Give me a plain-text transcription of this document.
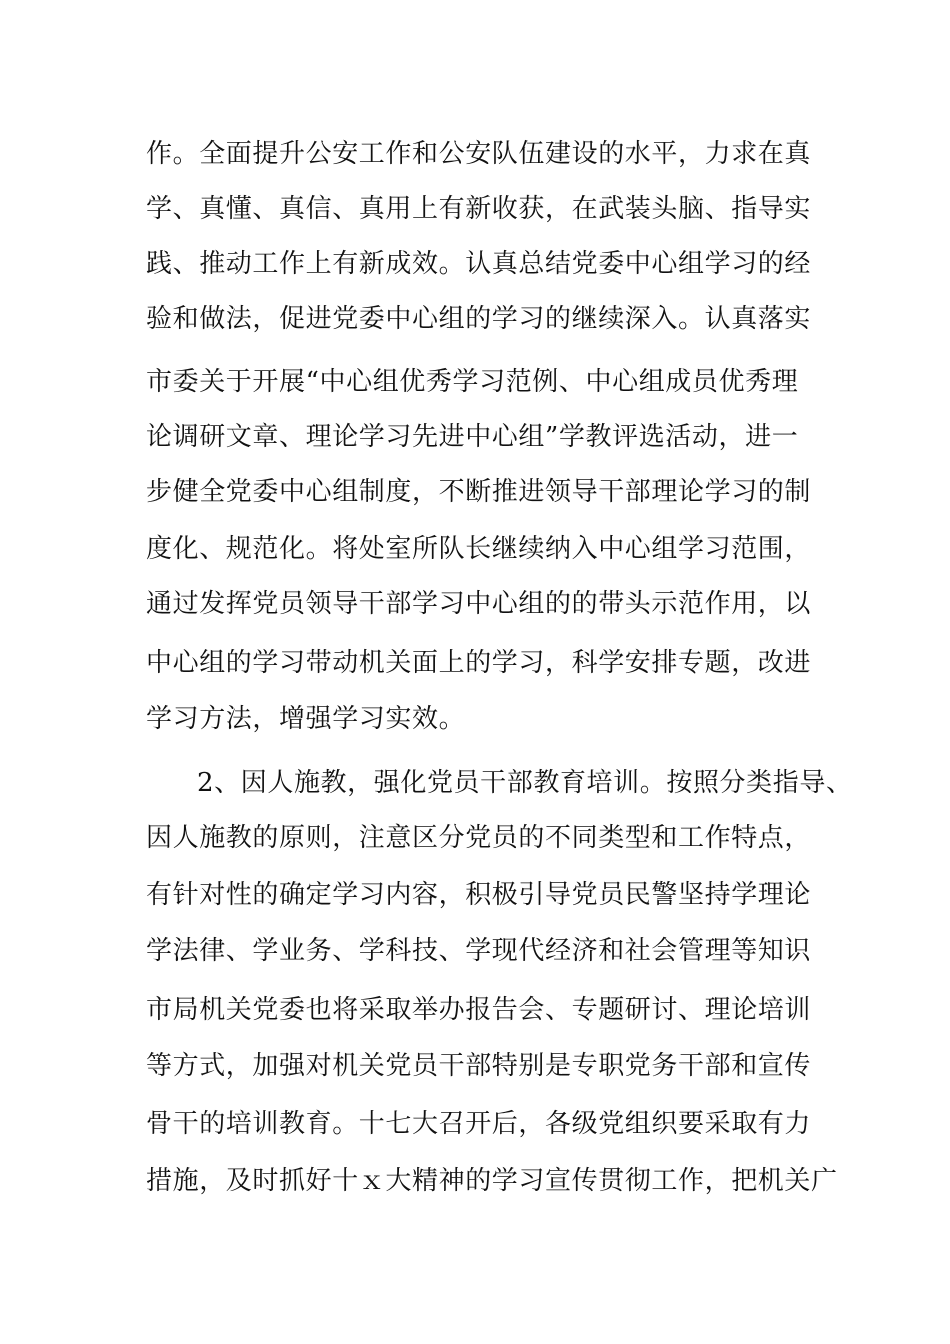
作。全面提升公安工作和公安队伍建设的水平，力求在真
学、真懂、真信、真用上有新收获，在武装头脑、指导实
践、推动工作上有新成效。认真总结党委中心组学习的经
验和做法，促进党委中心组的学习的继续深入。认真落实
市委关于开展“中心组优秀学习范例、中心组成员优秀理
论调研文章、理论学习先进中心组”学教评选活动，进一
步健全党委中心组制度，不断推进领导干部理论学习的制
度化、规范化。将处室所队长继续纳入中心组学习范围，
通过发挥党员领导干部学习中心组的的带头示范作用，以
中心组的学习带动机关面上的学习，科学安排专题，改进
学习方法，增强学习实效。
2、因人施教，强化党员干部教育培训。按照分类指导、
因人施教的原则，注意区分党员的不同类型和工作特点，
有针对性的确定学习内容，积极引导党员民警坚持学理论
学法律、学业务、学科技、学现代经济和社会管理等知识
市局机关党委也将采取举办报告会、专题研讨、理论培训
等方式，加强对机关党员干部特别是专职党务干部和宣传
骨干的培训教育。十七大召开后，各级党组织要采取有力
措施，及时抓好十ｘ大精神的学习宣传贯彻工作，把机关广
